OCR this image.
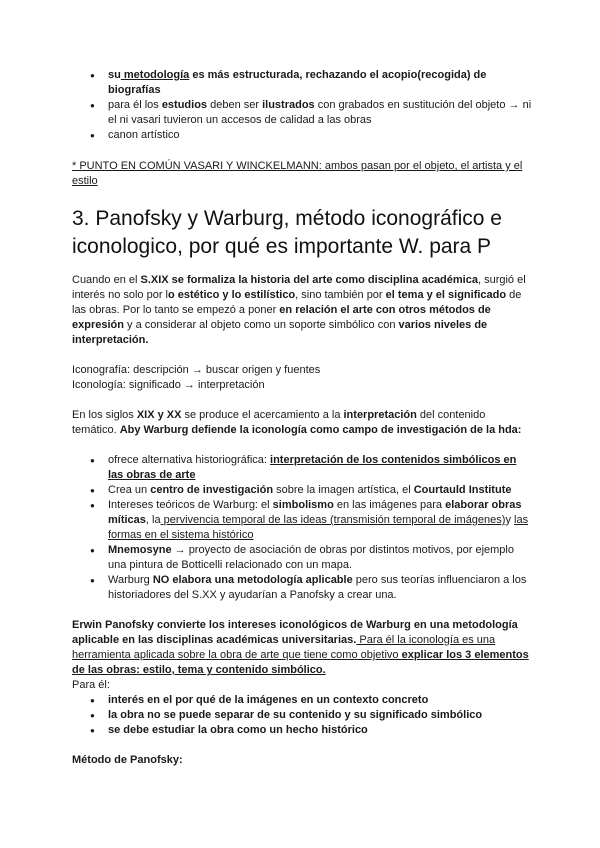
● su metodología es más estructurada, rechazando el acopio(recogida) de biografías
● para él los estudios deben ser ilustrados con grabados en sustitución del objeto → ni el ni vasari tuvieron un accesos de calidad a las obras
● canon artístico

* PUNTO EN COMÚN VASARI Y WINCKELMANN: ambos pasan por el objeto, el artista y el estilo

3. Panofsky y Warburg, método iconográfico e iconologico, por qué es importante W. para P

Cuando en el S.XIX se formaliza la historia del arte como disciplina académica, surgió el interés no solo por lo estético y lo estilístico, sino también por el tema y el significado de las obras. Por lo tanto se empezó a poner en relación el arte con otros métodos de expresión y a considerar al objeto como un soporte simbólico con varios niveles de interpretación.

Iconografía: descripción → buscar origen y fuentes

Iconología: significado → interpretación

En los siglos XIX y XX se produce el acercamiento a la interpretación del contenido temático. Aby Warburg defiende la iconología como campo de investigación de la hda:

● ofrece alternativa historiográfica: interpretación de los contenidos simbólicos en las obras de arte
● Crea un centro de investigación sobre la imagen artística, el Courtauld Institute
● Intereses teóricos de Warburg: el simbolismo en las imágenes para elaborar obras míticas, la pervivencia temporal de las ideas (transmisión temporal de imágenes)y las formas en el sistema histórico
● Mnemosyne → proyecto de asociación de obras por distintos motivos, por ejemplo una pintura de Botticelli relacionado con un mapa.
● Warburg NO elabora una metodología aplicable pero sus teorías influenciaron a los historiadores del S.XX y ayudarían a Panofsky a crear una.

Erwin Panofsky convierte los intereses iconológicos de Warburg en una metodología aplicable en las disciplinas académicas universitarias. Para él la iconología es una herramienta aplicada sobre la obra de arte que tiene como objetivo explicar los 3 elementos de las obras: estilo, tema y contenido simbólico.

Para él:

● interés en el por qué de la imágenes en un contexto concreto
● la obra no se puede separar de su contenido y su significado simbólico
● se debe estudiar la obra como un hecho histórico

Método de Panofsky:
